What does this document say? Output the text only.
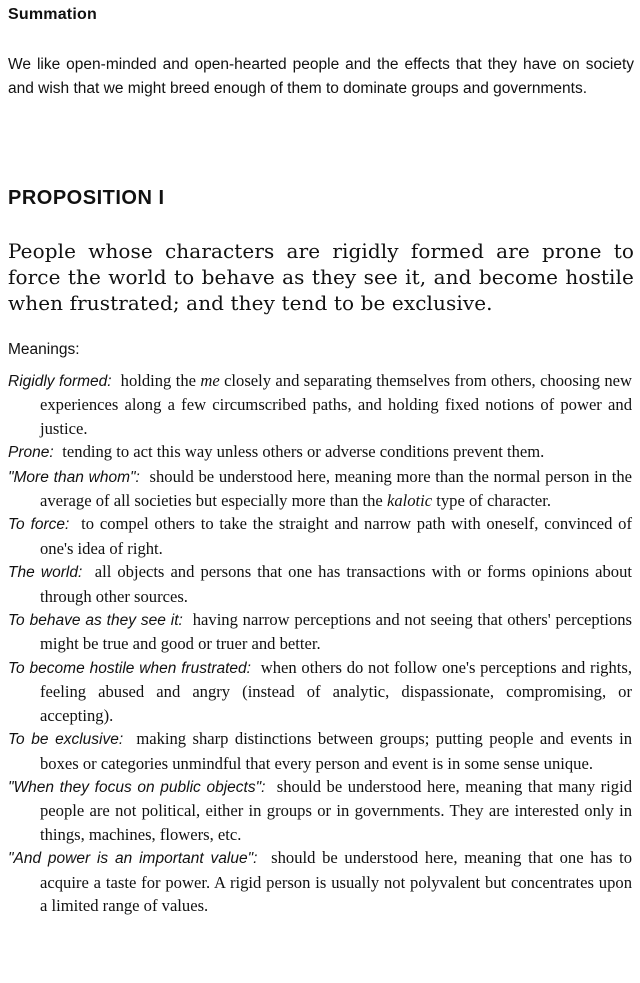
Summation
We like open-minded and open-hearted people and the effects that they have on society and wish that we might breed enough of them to dominate groups and governments.
PROPOSITION I
People whose characters are rigidly formed are prone to force the world to behave as they see it, and become hostile when frustrated; and they tend to be exclusive.
Meanings:
Rigidly formed: holding the me closely and separating themselves from others, choosing new experiences along a few circumscribed paths, and holding fixed notions of power and justice.
Prone: tending to act this way unless others or adverse conditions prevent them.
"More than whom": should be understood here, meaning more than the normal person in the average of all societies but especially more than the kalotic type of character.
To force: to compel others to take the straight and narrow path with oneself, convinced of one's idea of right.
The world: all objects and persons that one has transactions with or forms opinions about through other sources.
To behave as they see it: having narrow perceptions and not seeing that others' perceptions might be true and good or truer and better.
To become hostile when frustrated: when others do not follow one's perceptions and rights, feeling abused and angry (instead of analytic, dispassionate, compromising, or accepting).
To be exclusive: making sharp distinctions between groups; putting people and events in boxes or categories unmindful that every person and event is in some sense unique.
"When they focus on public objects": should be understood here, meaning that many rigid people are not political, either in groups or in governments. They are interested only in things, machines, flowers, etc.
"And power is an important value": should be understood here, meaning that one has to acquire a taste for power. A rigid person is usually not polyvalent but concentrates upon a limited range of values.
